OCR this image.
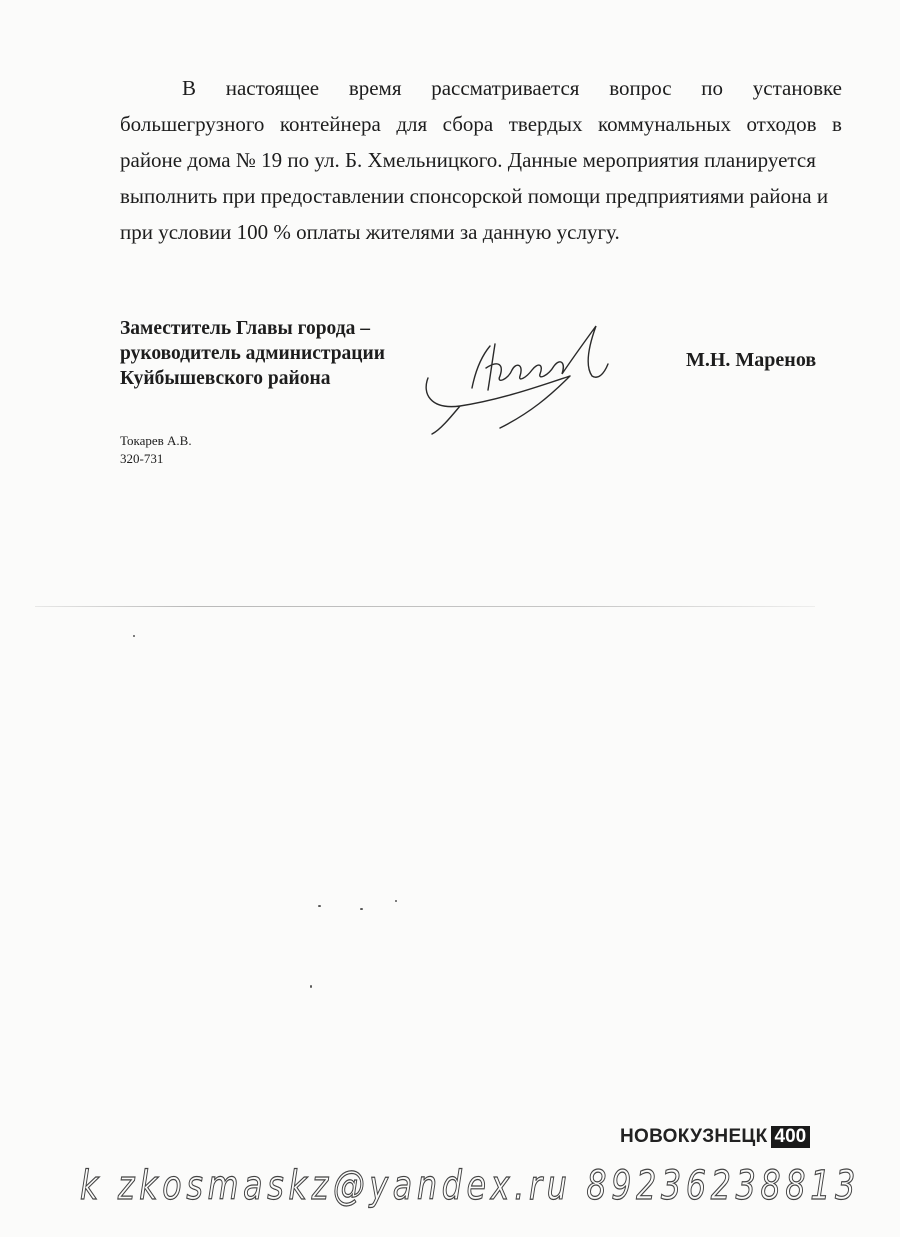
В настоящее время рассматривается вопрос по установке
большегрузного контейнера для сбора твердых коммунальных отходов в
районе дома № 19 по ул. Б. Хмельницкого. Данные мероприятия планируется
выполнить при предоставлении спонсорской помощи предприятиями района и
при условии 100 % оплаты жителями за данную услугу.
Заместитель Главы города –
руководитель администрации
Куйбышевского района
М.Н. Маренов
Токарев А.В.
320-731
НОВОКУЗНЕЦК 400
k zkosmaskz@yandex.ru 89236238813
